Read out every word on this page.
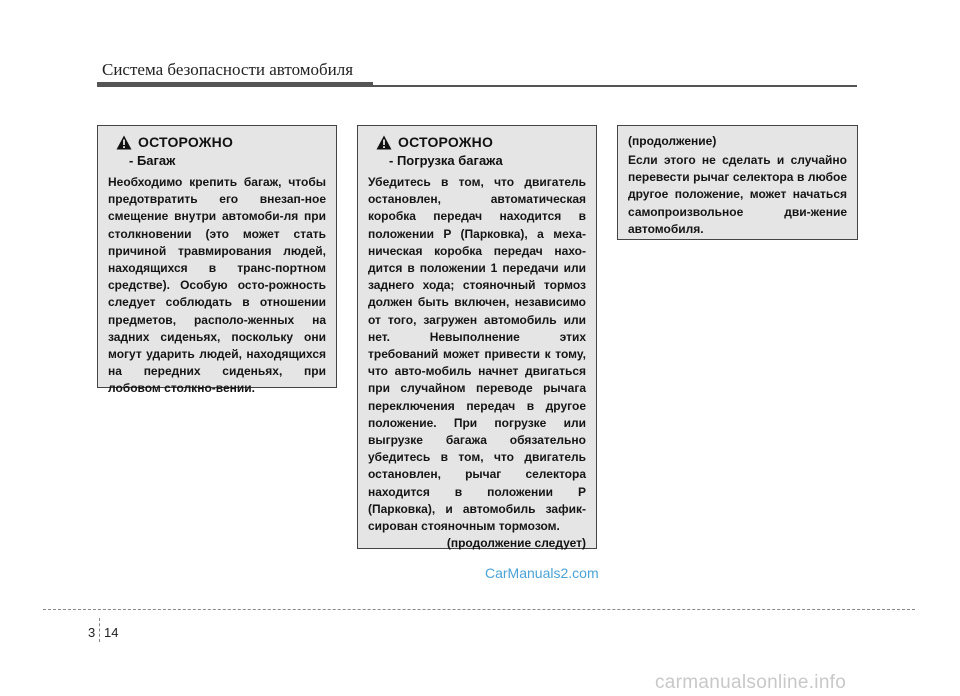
Система безопасности автомобиля
ОСТОРОЖНО
- Багаж
Необходимо крепить багаж, чтобы предотвратить его внезап-ное смещение внутри автомоби-ля при столкновении (это может стать причиной травмирования людей, находящихся в транс-портном средстве). Особую осто-рожность следует соблюдать в отношении предметов, располо-женных на задних сиденьях, поскольку они могут ударить людей, находящихся на передних сиденьях, при лобовом столкно-вении.
ОСТОРОЖНО
- Погрузка багажа
Убедитесь в том, что двигатель остановлен, автоматическая коробка передач находится в положении P (Парковка), а меха-ническая коробка передач нахо-дится в положении 1 передачи или заднего хода; стояночный тормоз должен быть включен, независимо от того, загружен автомобиль или нет. Невыполнение этих требований может привести к тому, что авто-мобиль начнет двигаться при случайном переводе рычага переключения передач в другое положение. При погрузке или выгрузке багажа обязательно убедитесь в том, что двигатель остановлен, рычаг селектора находится в положении P (Парковка), и автомобиль зафик-сирован стояночным тормозом.
(продолжение следует)
(продолжение)
Если этого не сделать и случайно перевести рычаг селектора в любое другое положение, может начаться самопроизвольное дви-жение автомобиля.
CarManuals2.com
3 14
carmanualsonline.info
